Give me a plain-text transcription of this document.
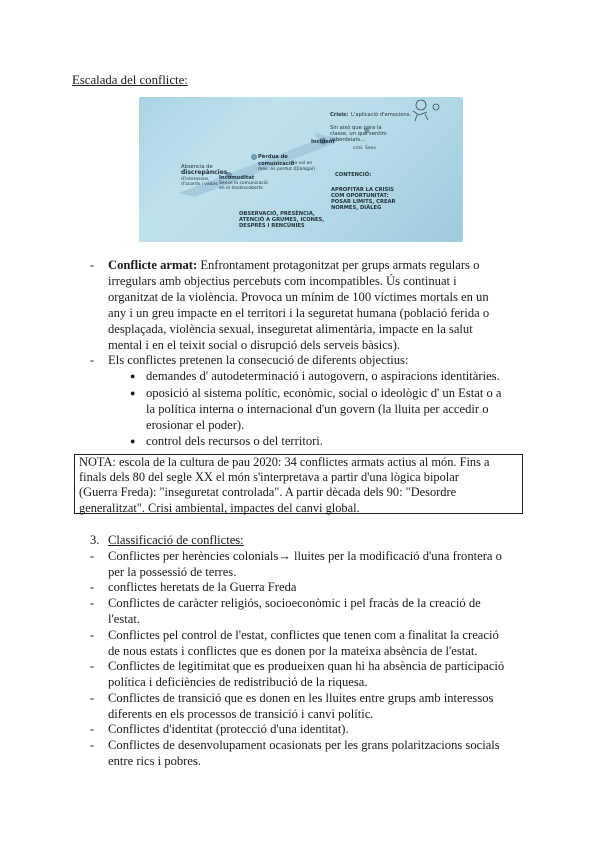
Escalada del conflicte:
Crisis: L'aplicació d'emocions.
Sin això que para la
classe, un que sentim
osbordeiats...
crisi. Sens
Incident
Pèrdua de
comunicació
No vol en
més. es perdut (Dialogal)
Incomoditat
Sense la comunicació
en el Iesdescoberts
Absència de
discrepàncies
d'interessos,
d'acords i valors
CONTENCIÓ:
APROFITAR LA CRISIS
COM OPORTUNITAT:
POSAR LIMITS, CREAR
NORMES, DIÀLEG
OBSERVACIÓ, PRESÈNCIA,
ATENCIÓ A GRUMES, ICONES,
DESPRÉS I RENCÚNIES
- Conflicte armat: Enfrontament protagonitzat per grups armats regulars o
irregulars amb objectius percebuts com incompatibles. Ús continuat i
organitzat de la violència. Provoca un mínim de 100 víctimes mortals en un
any i un greu impacte en el territori i la seguretat humana (població ferida o
desplaçada, violència sexual, inseguretat alimentària, impacte en la salut
mental i en el teixit social o disrupció dels serveis bàsics).
- Els conflictes pretenen la consecució de diferents objectius:
● demandes d' autodeterminació i autogovern, o aspiracions identitàries.
● oposició al sistema polític, econòmic, social o ideològic d' un Estat o a
la política interna o internacional d'un govern (la lluita per accedir o
erosionar el poder).
● control dels recursos o del territori.
NOTA: escola de la cultura de pau 2020: 34 conflictes armats actius al món. Fins a
finals dels 80 del segle XX el món s'interpretava a partir d'una lògica bipolar
(Guerra Freda): "inseguretat controlada". A partir dècada dels 90: "Desordre
generalitzat". Crisi ambiental, impactes del canvi global.
3. Classificació de conflictes:
- Conflictes per herències colonials→ lluites per la modificació d'una frontera o
per la possessió de terres.
- conflictes heretats de la Guerra Freda
- Conflictes de caràcter religiós, socioeconòmic i pel fracàs de la creació de
l'estat.
- Conflictes pel control de l'estat, conflictes que tenen com a finalitat la creació
de nous estats i conflictes que es donen por la mateixa absència de l'estat.
- Conflictes de legitimitat que es produeixen quan hi ha absència de participació
política i deficiències de redistribució de la riquesa.
- Conflictes de transició que es donen en les lluites entre grups amb interessos
diferents en els processos de transició i canvi polític.
- Conflictes d'identitat (protecció d'una identitat).
- Conflictes de desenvolupament ocasionats per les grans polaritzacions socials
entre rics i pobres.
